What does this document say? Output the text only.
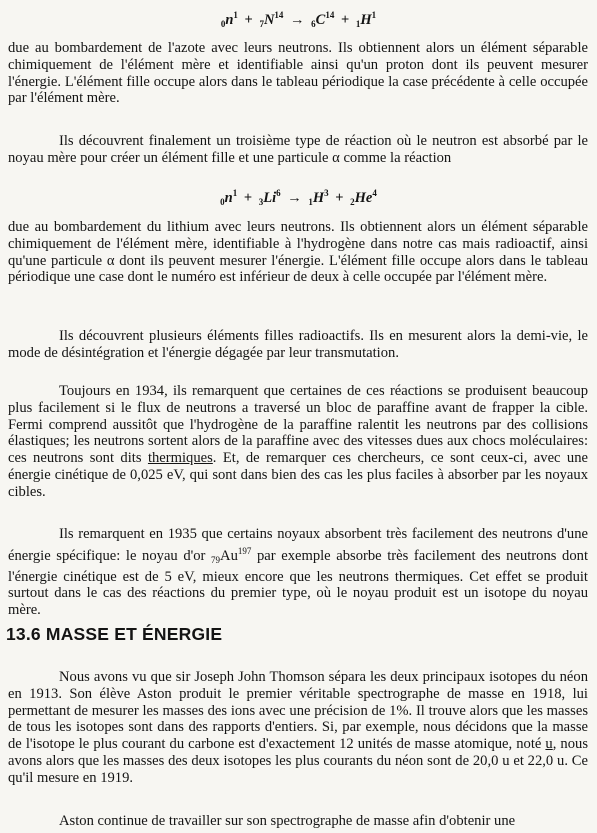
$_0n^1 + _7N^{14} \to _6C^{14} + _1H^1$

due au bombardement de l'azote avec leurs neutrons. Ils obtiennent alors un élément séparable chimiquement de l'élément mère et identifiable ainsi qu'un proton dont ils peuvent mesurer l'énergie. L'élément fille occupe alors dans le tableau périodique la case précédente à celle occupée par l'élément mère.

Ils découvrent finalement un troisième type de réaction où le neutron est absorbé par le noyau mère pour créer un élément fille et une particule α comme la réaction

$_0n^1 + _3Li^6 \to _1H^3 + _2He^4$

due au bombardement du lithium avec leurs neutrons. Ils obtiennent alors un élément séparable chimiquement de l'élément mère, identifiable à l'hydrogène dans notre cas mais radioactif, ainsi qu'une particule α dont ils peuvent mesurer l'énergie. L'élément fille occupe alors dans le tableau périodique une case dont le numéro est inférieur de deux à celle occupée par l'élément mère.

Ils découvrent plusieurs éléments filles radioactifs. Ils en mesurent alors la demi-vie, le mode de désintégration et l'énergie dégagée par leur transmutation.

Toujours en 1934, ils remarquent que certaines de ces réactions se produisent beaucoup plus facilement si le flux de neutrons a traversé un bloc de paraffine avant de frapper la cible. Fermi comprend aussitôt que l'hydrogène de la paraffine ralentit les neutrons par des collisions élastiques; les neutrons sortent alors de la paraffine avec des vitesses dues aux chocs moléculaires: ces neutrons sont dits thermiques. Et, de remarquer ces chercheurs, ce sont ceux-ci, avec une énergie cinétique de 0,025 eV, qui sont dans bien des cas les plus faciles à absorber par les noyaux cibles.

Ils remarquent en 1935 que certains noyaux absorbent très facilement des neutrons d'une énergie spécifique: le noyau d'or $_{79}Au^{197}$ par exemple absorbe très facilement des neutrons dont l'énergie cinétique est de 5 eV, mieux encore que les neutrons thermiques. Cet effet se produit surtout dans le cas des réactions du premier type, où le noyau produit est un isotope du noyau mère.

13.6 MASSE ET ÉNERGIE

Nous avons vu que sir Joseph John Thomson sépara les deux principaux isotopes du néon en 1913. Son élève Aston produit le premier véritable spectrographe de masse en 1918, lui permettant de mesurer les masses des ions avec une précision de 1%. Il trouve alors que les masses de tous les isotopes sont dans des rapports d'entiers. Si, par exemple, nous décidons que la masse de l'isotope le plus courant du carbone est d'exactement 12 unités de masse atomique, noté u, nous avons alors que les masses des deux isotopes les plus courants du néon sont de 20,0 u et 22,0 u. Ce qu'il mesure en 1919.

Aston continue de travailler sur son spectrographe de masse afin d'obtenir une
